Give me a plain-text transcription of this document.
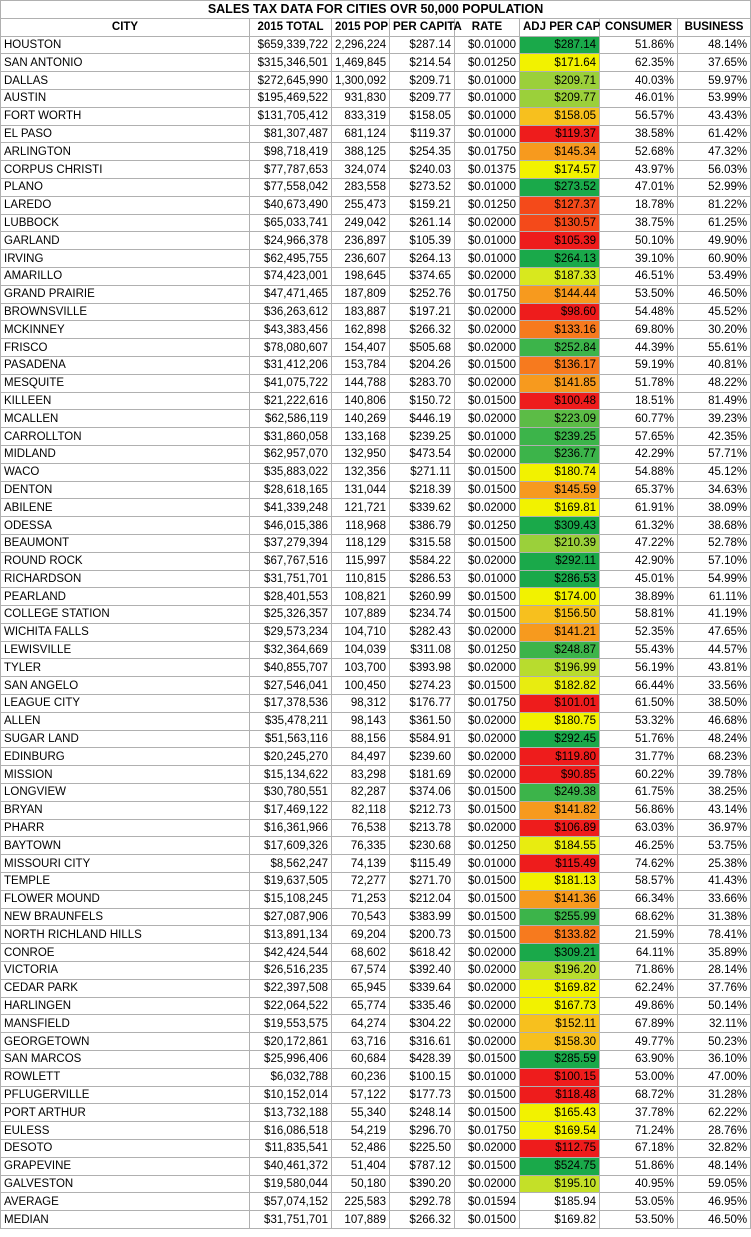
SALES TAX DATA FOR CITIES OVR 50,000 POPULATION							
CITY	2015 TOTAL	2015 POP	PER CAPITA	RATE	ADJ PER CAP	CONSUMER	BUSINESS
HOUSTON	$659,339,722	2,296,224	$287.14	$0.01000	$287.14	51.86%	48.14%
SAN ANTONIO	$315,346,501	1,469,845	$214.54	$0.01250	$171.64	62.35%	37.65%
DALLAS	$272,645,990	1,300,092	$209.71	$0.01000	$209.71	40.03%	59.97%
AUSTIN	$195,469,522	931,830	$209.77	$0.01000	$209.77	46.01%	53.99%
FORT WORTH	$131,705,412	833,319	$158.05	$0.01000	$158.05	56.57%	43.43%
EL PASO	$81,307,487	681,124	$119.37	$0.01000	$119.37	38.58%	61.42%
ARLINGTON	$98,718,419	388,125	$254.35	$0.01750	$145.34	52.68%	47.32%
CORPUS CHRISTI	$77,787,653	324,074	$240.03	$0.01375	$174.57	43.97%	56.03%
PLANO	$77,558,042	283,558	$273.52	$0.01000	$273.52	47.01%	52.99%
LAREDO	$40,673,490	255,473	$159.21	$0.01250	$127.37	18.78%	81.22%
LUBBOCK	$65,033,741	249,042	$261.14	$0.02000	$130.57	38.75%	61.25%
GARLAND	$24,966,378	236,897	$105.39	$0.01000	$105.39	50.10%	49.90%
IRVING	$62,495,755	236,607	$264.13	$0.01000	$264.13	39.10%	60.90%
AMARILLO	$74,423,001	198,645	$374.65	$0.02000	$187.33	46.51%	53.49%
GRAND PRAIRIE	$47,471,465	187,809	$252.76	$0.01750	$144.44	53.50%	46.50%
BROWNSVILLE	$36,263,612	183,887	$197.21	$0.02000	$98.60	54.48%	45.52%
MCKINNEY	$43,383,456	162,898	$266.32	$0.02000	$133.16	69.80%	30.20%
FRISCO	$78,080,607	154,407	$505.68	$0.02000	$252.84	44.39%	55.61%
PASADENA	$31,412,206	153,784	$204.26	$0.01500	$136.17	59.19%	40.81%
MESQUITE	$41,075,722	144,788	$283.70	$0.02000	$141.85	51.78%	48.22%
KILLEEN	$21,222,616	140,806	$150.72	$0.01500	$100.48	18.51%	81.49%
MCALLEN	$62,586,119	140,269	$446.19	$0.02000	$223.09	60.77%	39.23%
CARROLLTON	$31,860,058	133,168	$239.25	$0.01000	$239.25	57.65%	42.35%
MIDLAND	$62,957,070	132,950	$473.54	$0.02000	$236.77	42.29%	57.71%
WACO	$35,883,022	132,356	$271.11	$0.01500	$180.74	54.88%	45.12%
DENTON	$28,618,165	131,044	$218.39	$0.01500	$145.59	65.37%	34.63%
ABILENE	$41,339,248	121,721	$339.62	$0.02000	$169.81	61.91%	38.09%
ODESSA	$46,015,386	118,968	$386.79	$0.01250	$309.43	61.32%	38.68%
BEAUMONT	$37,279,394	118,129	$315.58	$0.01500	$210.39	47.22%	52.78%
ROUND ROCK	$67,767,516	115,997	$584.22	$0.02000	$292.11	42.90%	57.10%
RICHARDSON	$31,751,701	110,815	$286.53	$0.01000	$286.53	45.01%	54.99%
PEARLAND	$28,401,553	108,821	$260.99	$0.01500	$174.00	38.89%	61.11%
COLLEGE STATION	$25,326,357	107,889	$234.74	$0.01500	$156.50	58.81%	41.19%
WICHITA FALLS	$29,573,234	104,710	$282.43	$0.02000	$141.21	52.35%	47.65%
LEWISVILLE	$32,364,669	104,039	$311.08	$0.01250	$248.87	55.43%	44.57%
TYLER	$40,855,707	103,700	$393.98	$0.02000	$196.99	56.19%	43.81%
SAN ANGELO	$27,546,041	100,450	$274.23	$0.01500	$182.82	66.44%	33.56%
LEAGUE CITY	$17,378,536	98,312	$176.77	$0.01750	$101.01	61.50%	38.50%
ALLEN	$35,478,211	98,143	$361.50	$0.02000	$180.75	53.32%	46.68%
SUGAR LAND	$51,563,116	88,156	$584.91	$0.02000	$292.45	51.76%	48.24%
EDINBURG	$20,245,270	84,497	$239.60	$0.02000	$119.80	31.77%	68.23%
MISSION	$15,134,622	83,298	$181.69	$0.02000	$90.85	60.22%	39.78%
LONGVIEW	$30,780,551	82,287	$374.06	$0.01500	$249.38	61.75%	38.25%
BRYAN	$17,469,122	82,118	$212.73	$0.01500	$141.82	56.86%	43.14%
PHARR	$16,361,966	76,538	$213.78	$0.02000	$106.89	63.03%	36.97%
BAYTOWN	$17,609,326	76,335	$230.68	$0.01250	$184.55	46.25%	53.75%
MISSOURI CITY	$8,562,247	74,139	$115.49	$0.01000	$115.49	74.62%	25.38%
TEMPLE	$19,637,505	72,277	$271.70	$0.01500	$181.13	58.57%	41.43%
FLOWER MOUND	$15,108,245	71,253	$212.04	$0.01500	$141.36	66.34%	33.66%
NEW BRAUNFELS	$27,087,906	70,543	$383.99	$0.01500	$255.99	68.62%	31.38%
NORTH RICHLAND HILLS	$13,891,134	69,204	$200.73	$0.01500	$133.82	21.59%	78.41%
CONROE	$42,424,544	68,602	$618.42	$0.02000	$309.21	64.11%	35.89%
VICTORIA	$26,516,235	67,574	$392.40	$0.02000	$196.20	71.86%	28.14%
CEDAR PARK	$22,397,508	65,945	$339.64	$0.02000	$169.82	62.24%	37.76%
HARLINGEN	$22,064,522	65,774	$335.46	$0.02000	$167.73	49.86%	50.14%
MANSFIELD	$19,553,575	64,274	$304.22	$0.02000	$152.11	67.89%	32.11%
GEORGETOWN	$20,172,861	63,716	$316.61	$0.02000	$158.30	49.77%	50.23%
SAN MARCOS	$25,996,406	60,684	$428.39	$0.01500	$285.59	63.90%	36.10%
ROWLETT	$6,032,788	60,236	$100.15	$0.01000	$100.15	53.00%	47.00%
PFLUGERVILLE	$10,152,014	57,122	$177.73	$0.01500	$118.48	68.72%	31.28%
PORT ARTHUR	$13,732,188	55,340	$248.14	$0.01500	$165.43	37.78%	62.22%
EULESS	$16,086,518	54,219	$296.70	$0.01750	$169.54	71.24%	28.76%
DESOTO	$11,835,541	52,486	$225.50	$0.02000	$112.75	67.18%	32.82%
GRAPEVINE	$40,461,372	51,404	$787.12	$0.01500	$524.75	51.86%	48.14%
GALVESTON	$19,580,044	50,180	$390.20	$0.02000	$195.10	40.95%	59.05%
AVERAGE	$57,074,152	225,583	$292.78	$0.01594	$185.94	53.05%	46.95%
MEDIAN	$31,751,701	107,889	$266.32	$0.01500	$169.82	53.50%	46.50%
